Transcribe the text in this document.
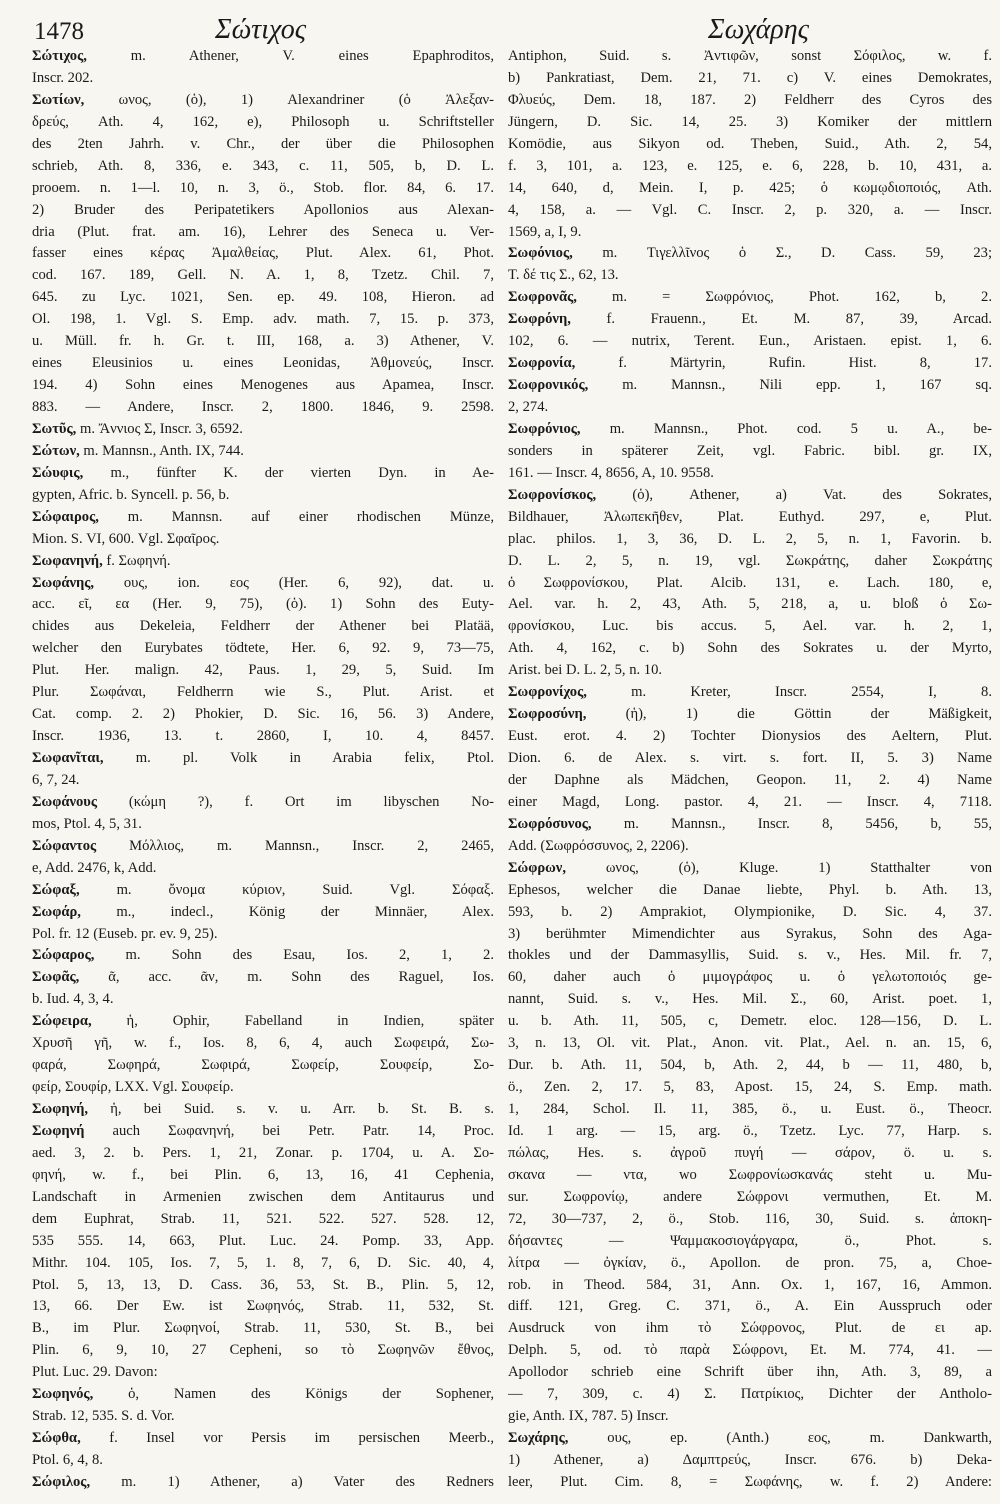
1478	Σώτιχος	Σωχάρης
Σώτιχος, m. Athener, V. eines Epaphroditos,
Inscr. 202.
Σωτίων, ωνος, (ὁ), 1) Alexandriner (ὁ Ἀλεξαν-
δρεύς, Ath. 4, 162, e), Philosoph u. Schriftsteller
des 2ten Jahrh. v. Chr., der über die Philosophen
schrieb, Ath. 8, 336, e. 343, c. 11, 505, b, D. L.
prooem. n. 1—l. 10, n. 3, ö., Stob. flor. 84, 6. 17.
2) Bruder des Peripatetikers Apollonios aus Alexan-
dria (Plut. frat. am. 16), Lehrer des Seneca u. Ver-
fasser eines κέρας Ἀμαλθείας, Plut. Alex. 61, Phot.
cod. 167. 189, Gell. N. A. 1, 8, Tzetz. Chil. 7,
645. zu Lyc. 1021, Sen. ep. 49. 108, Hieron. ad
Ol. 198, 1. Vgl. S. Emp. adv. math. 7, 15. p. 373,
u. Müll. fr. h. Gr. t. III, 168, a. 3) Athener, V.
eines Eleusinios u. eines Leonidas, Ἀθμονεύς, Inscr.
194. 4) Sohn eines Menogenes aus Apamea, Inscr.
883. — Andere, Inscr. 2, 1800. 1846, 9. 2598.
Σωτῦς, m. Ἄννιος Σ, Inscr. 3, 6592.
Σώτων, m. Mannsn., Anth. IX, 744.
Σώυφις, m., fünfter K. der vierten Dyn. in Ae-
gypten, Afric. b. Syncell. p. 56, b.
Σώφαιρος, m. Mannsn. auf einer rhodischen Münze,
Mion. S. VI, 600. Vgl. Σφαῖρος.
Σωφανηνή, f. Σωφηνή.
Σωφάνης, ους, ion. εος (Her. 6, 92), dat. u.
acc. εῖ, εα (Her. 9, 75), (ὁ). 1) Sohn des Euty-
chides aus Dekeleia, Feldherr der Athener bei Platää,
welcher den Eurybates tödtete, Her. 6, 92. 9, 73—75,
Plut. Her. malign. 42, Paus. 1, 29, 5, Suid. Im
Plur. Σωφάναι, Feldherrn wie S., Plut. Arist. et
Cat. comp. 2. 2) Phokier, D. Sic. 16, 56. 3) Andere,
Inscr. 1936, 13. t. 2860, I, 10. 4, 8457.
Σωφανῖται, m. pl. Volk in Arabia felix, Ptol.
6, 7, 24.
Σωφάνους (κώμη ?), f. Ort im libyschen No-
mos, Ptol. 4, 5, 31.
Σώφαντος Μόλλιος, m. Mannsn., Inscr. 2, 2465,
e, Add. 2476, k, Add.
Σώφαξ, m. ὄνομα κύριον, Suid. Vgl. Σόφαξ.
Σωφάρ, m., indecl., König der Minnäer, Alex.
Pol. fr. 12 (Euseb. pr. ev. 9, 25).
Σώφαρος, m. Sohn des Esau, Ios. 2, 1, 2.
Σωφᾶς, ᾶ, acc. ᾶν, m. Sohn des Raguel, Ios.
b. Iud. 4, 3, 4.
Σώφειρα, ἡ, Ophir, Fabelland in Indien, später
Χρυσῆ γῆ, w. f., Ios. 8, 6, 4, auch Σωφειρά, Σω-
φαρά, Σωφηρά, Σωφιρά, Σωφείρ, Σουφείρ, Σο-
φείρ, Σουφίρ, LXX. Vgl. Σουφείρ.
Σωφηνή, ἡ, bei Suid. s. v. u. Arr. b. St. B. s.
Σωφηνή auch Σωφανηνή, bei Petr. Patr. 14, Proc.
aed. 3, 2. b. Pers. 1, 21, Zonar. p. 1704, u. A. Σο-
φηνή, w. f., bei Plin. 6, 13, 16, 41 Cephenia,
Landschaft in Armenien zwischen dem Antitaurus und
dem Euphrat, Strab. 11, 521. 522. 527. 528. 12,
535 555. 14, 663, Plut. Luc. 24. Pomp. 33, App.
Mithr. 104. 105, Ios. 7, 5, 1. 8, 7, 6, D. Sic. 40, 4,
Ptol. 5, 13, 13, D. Cass. 36, 53, St. B., Plin. 5, 12,
13, 66. Der Ew. ist Σωφηνός, Strab. 11, 532, St.
B., im Plur. Σωφηνοί, Strab. 11, 530, St. B., bei
Plin. 6, 9, 10, 27 Cepheni, so τὸ Σωφηνῶν ἔθνος,
Plut. Luc. 29. Davon:
Σωφηνός, ὁ, Namen des Königs der Sophener,
Strab. 12, 535. S. d. Vor.
Σώφθα, f. Insel vor Persis im persischen Meerb.,
Ptol. 6, 4, 8.
Σώφιλος, m. 1) Athener, a) Vater des Redners
Antiphon, Suid. s. Ἀντιφῶν, sonst Σόφιλος, w. f.
b) Pankratiast, Dem. 21, 71. c) V. eines Demokrates,
Φλυεύς, Dem. 18, 187. 2) Feldherr des Cyros des
Jüngern, D. Sic. 14, 25. 3) Komiker der mittlern
Komödie, aus Sikyon od. Theben, Suid., Ath. 2, 54,
f. 3, 101, a. 123, e. 125, e. 6, 228, b. 10, 431, a.
14, 640, d, Mein. I, p. 425; ὁ κωμῳδιοποιός, Ath.
4, 158, a. — Vgl. C. Inscr. 2, p. 320, a. — Inscr.
1569, a, I, 9.
Σωφόνιος, m. Τιγελλῖνος ὁ Σ., D. Cass. 59, 23;
T. δέ τις Σ., 62, 13.
Σωφρονᾶς, m. = Σωφρόνιος, Phot. 162, b, 2.
Σωφρόνη, f. Frauenn., Et. M. 87, 39, Arcad.
102, 6. — nutrix, Terent. Eun., Aristaen. epist. 1, 6.
Σωφρονία, f. Märtyrin, Rufin. Hist. 8, 17.
Σωφρονικός, m. Mannsn., Nili epp. 1, 167 sq.
2, 274.
Σωφρόνιος, m. Mannsn., Phot. cod. 5 u. A., be-
sonders in späterer Zeit, vgl. Fabric. bibl. gr. IX,
161. — Inscr. 4, 8656, A, 10. 9558.
Σωφρονίσκος, (ὁ), Athener, a) Vat. des Sokrates,
Bildhauer, Ἀλωπεκῆθεν, Plat. Euthyd. 297, e, Plut.
plac. philos. 1, 3, 36, D. L. 2, 5, n. 1, Favorin. b.
D. L. 2, 5, n. 19, vgl. Σωκράτης, daher Σωκράτης
ὁ Σωφρονίσκου, Plat. Alcib. 131, e. Lach. 180, e,
Ael. var. h. 2, 43, Ath. 5, 218, a, u. bloß ὁ Σω-
φρονίσκου, Luc. bis accus. 5, Ael. var. h. 2, 1,
Ath. 4, 162, c. b) Sohn des Sokrates u. der Myrto,
Arist. bei D. L. 2, 5, n. 10.
Σωφρονίχος, m. Kreter, Inscr. 2554, I, 8.
Σωφροσύνη, (ἡ), 1) die Göttin der Mäßigkeit,
Eust. erot. 4. 2) Tochter Dionysios des Aeltern, Plut.
Dion. 6. de Alex. s. virt. s. fort. II, 5. 3) Name
der Daphne als Mädchen, Geopon. 11, 2. 4) Name
einer Magd, Long. pastor. 4, 21. — Inscr. 4, 7118.
Σωφρόσυνος, m. Mannsn., Inscr. 8, 5456, b, 55,
Add. (Σωφρόσσυνος, 2, 2206).
Σώφρων, ωνος, (ὁ), Kluge. 1) Statthalter von
Ephesos, welcher die Danae liebte, Phyl. b. Ath. 13,
593, b. 2) Amprakiot, Olympionike, D. Sic. 4, 37.
3) berühmter Mimendichter aus Syrakus, Sohn des Aga-
thokles und der Dammasyllis, Suid. s. v., Hes. Mil. fr. 7,
60, daher auch ὁ μιμογράφος u. ὁ γελωτοποιός ge-
nannt, Suid. s. v., Hes. Mil. Σ., 60, Arist. poet. 1,
u. b. Ath. 11, 505, c, Demetr. eloc. 128—156, D. L.
3, n. 13, Ol. vit. Plat., Anon. vit. Plat., Ael. n. an. 15, 6,
Dur. b. Ath. 11, 504, b, Ath. 2, 44, b — 11, 480, b,
ö., Zen. 2, 17. 5, 83, Apost. 15, 24, S. Emp. math.
1, 284, Schol. Il. 11, 385, ö., u. Eust. ö., Theocr.
Id. 1 arg. — 15, arg. ö., Tzetz. Lyc. 77, Harp. s.
πώλας, Hes. s. ἀγροῦ πυγή — σάρον, ö. u. s.
σκανα — ντα, wo Σωφρονίωσκανάς steht u. Mu-
sur. Σωφρονίῳ, andere Σώφρονι vermuthen, Et. M.
72, 30—737, 2, ö., Stob. 116, 30, Suid. s. ἀποκη-
δήσαντες — Ψαμμακοσιογάργαρα, ö., Phot. s.
λίτρα — ὀγκίαν, ö., Apollon. de pron. 75, a, Choe-
rob. in Theod. 584, 31, Ann. Ox. 1, 167, 16, Ammon.
diff. 121, Greg. C. 371, ö., A. Ein Ausspruch oder
Ausdruck von ihm τὸ Σώφρονος, Plut. de ει ap.
Delph. 5, od. τὸ παρὰ Σώφρονι, Et. M. 774, 41. —
Apollodor schrieb eine Schrift über ihn, Ath. 3, 89, a
— 7, 309, c. 4) Σ. Πατρίκιος, Dichter der Antholo-
gie, Anth. IX, 787. 5) Inscr.
Σωχάρης, ους, ep. (Anth.) εος, m. Dankwarth,
1) Athener, a) Δαμπτρεύς, Inscr. 676. b) Deka-
leer, Plut. Cim. 8, = Σωφάνης, w. f. 2) Andere:
